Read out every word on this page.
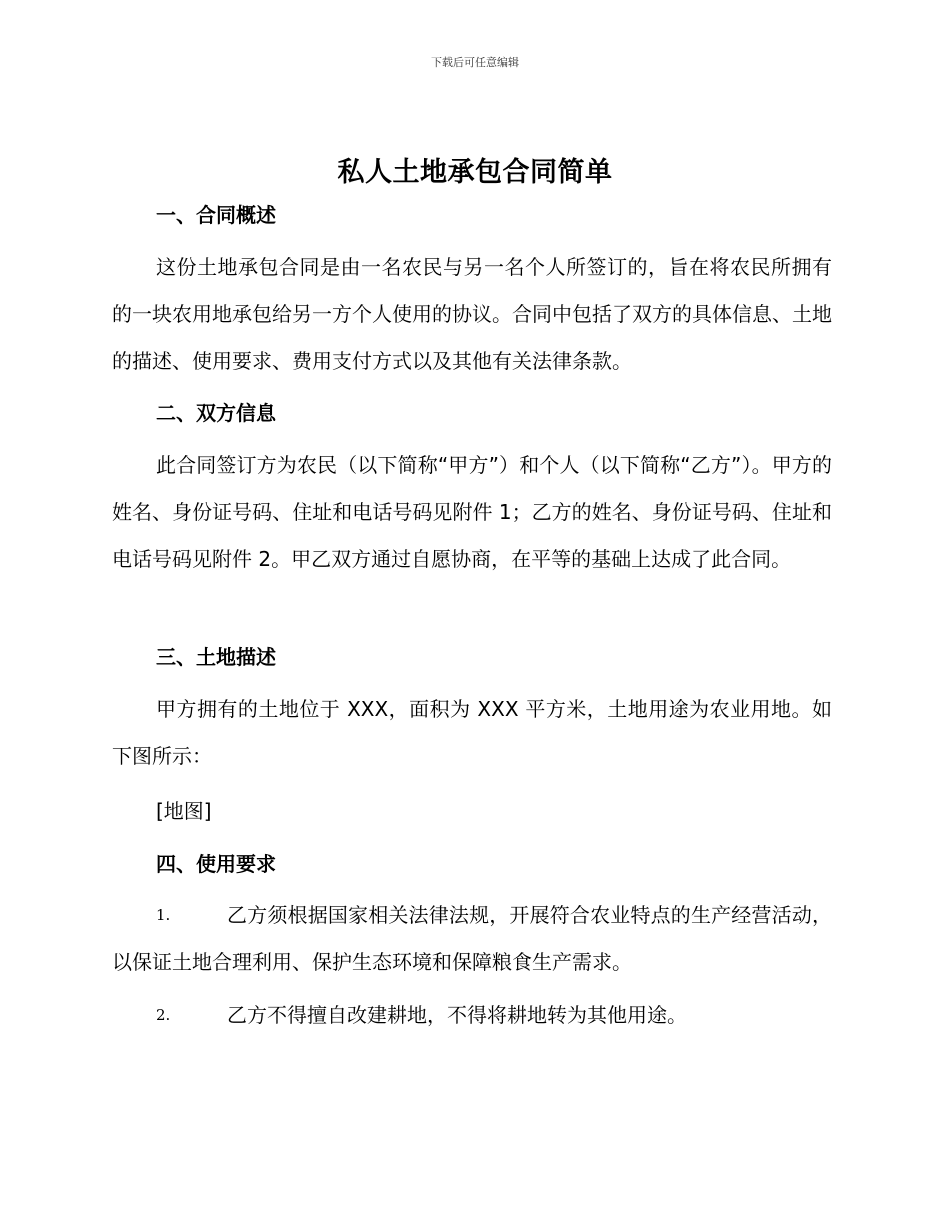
下载后可任意编辑
私人土地承包合同简单
一、合同概述
这份土地承包合同是由一名农民与另一名个人所签订的，旨在将农民所拥有的一块农用地承包给另一方个人使用的协议。合同中包括了双方的具体信息、土地的描述、使用要求、费用支付方式以及其他有关法律条款。
二、双方信息
此合同签订方为农民（以下简称“甲方”）和个人（以下简称“乙方”）。甲方的姓名、身份证号码、住址和电话号码见附件 1；乙方的姓名、身份证号码、住址和电话号码见附件 2。甲乙双方通过自愿协商，在平等的基础上达成了此合同。
三、土地描述
甲方拥有的土地位于 XXX，面积为 XXX 平方米，土地用途为农业用地。如下图所示：
[地图]
四、使用要求
1.	乙方须根据国家相关法律法规，开展符合农业特点的生产经营活动，以保证土地合理利用、保护生态环境和保障粮食生产需求。
2.	乙方不得擅自改建耕地，不得将耕地转为其他用途。
